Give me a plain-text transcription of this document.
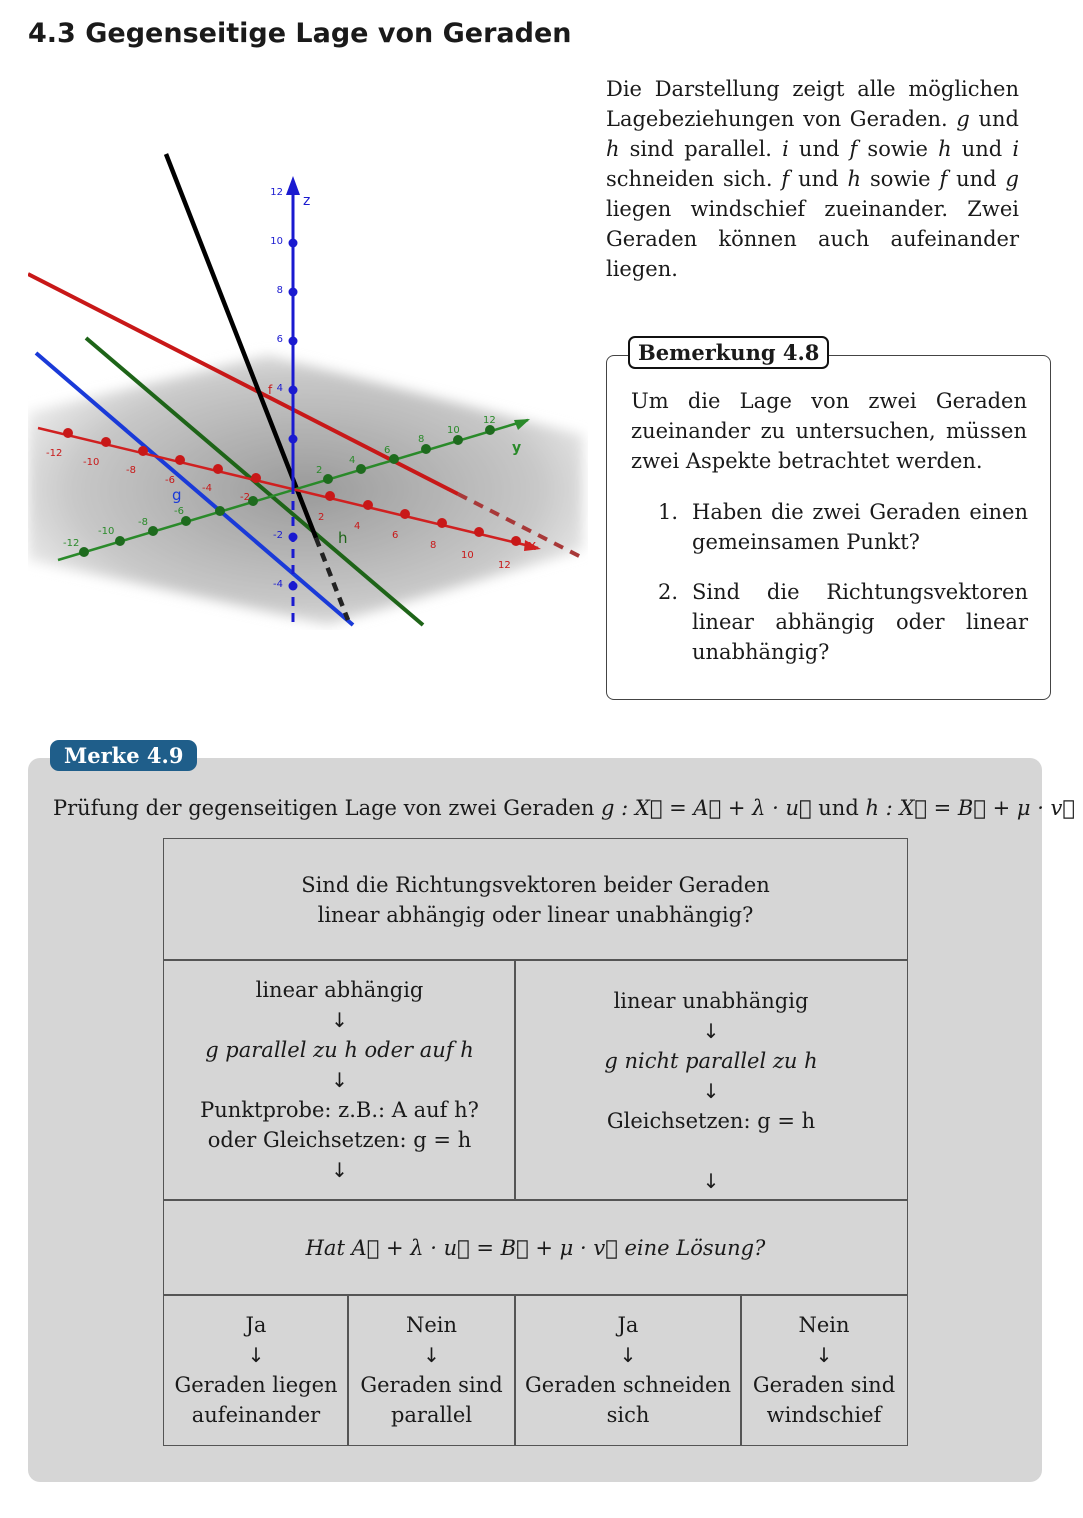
4.3 Gegenseitige Lage von Geraden
Die Darstellung zeigt alle möglichen Lagebeziehungen von Geraden. g und h sind parallel. i und f sowie h und i schneiden sich. f und h sowie f und g liegen windschief zueinander. Zwei Geraden können auch aufeinander liegen.
12
10
8
6
4
-2
-4
z
y
x
-12
-10
-8
-6
2
4
6
8
10
12
-12
-10
-8
-6
-4
-2
2
4
6
8
10
12
g
h
f
Bemerkung 4.8
Um die Lage von zwei Geraden zueinander zu untersuchen, müssen zwei Aspekte betrachtet werden.
1. Haben die zwei Geraden einen gemeinsamen Punkt?
2. Sind die Richtungsvektoren linear abhängig oder linear unabhängig?
Merke 4.9
Prüfung der gegenseitigen Lage von zwei Geraden g : X⃗ = A⃗ + λ · u⃗ und h : X⃗ = B⃗ + μ · v⃗
Sind die Richtungsvektoren beider Geraden
linear abhängig oder linear unabhängig?
linear abhängig
↓
g parallel zu h oder auf h
↓
Punktprobe: z.B.: A auf h?
oder Gleichsetzen: g = h
↓
linear unabhängig
↓
g nicht parallel zu h
↓
Gleichsetzen: g = h
↓
Hat A⃗ + λ · u⃗ = B⃗ + μ · v⃗ eine Lösung?
Ja
↓
Geraden liegen
aufeinander
Nein
↓
Geraden sind
parallel
Ja
↓
Geraden schneiden
sich
Nein
↓
Geraden sind
windschief
